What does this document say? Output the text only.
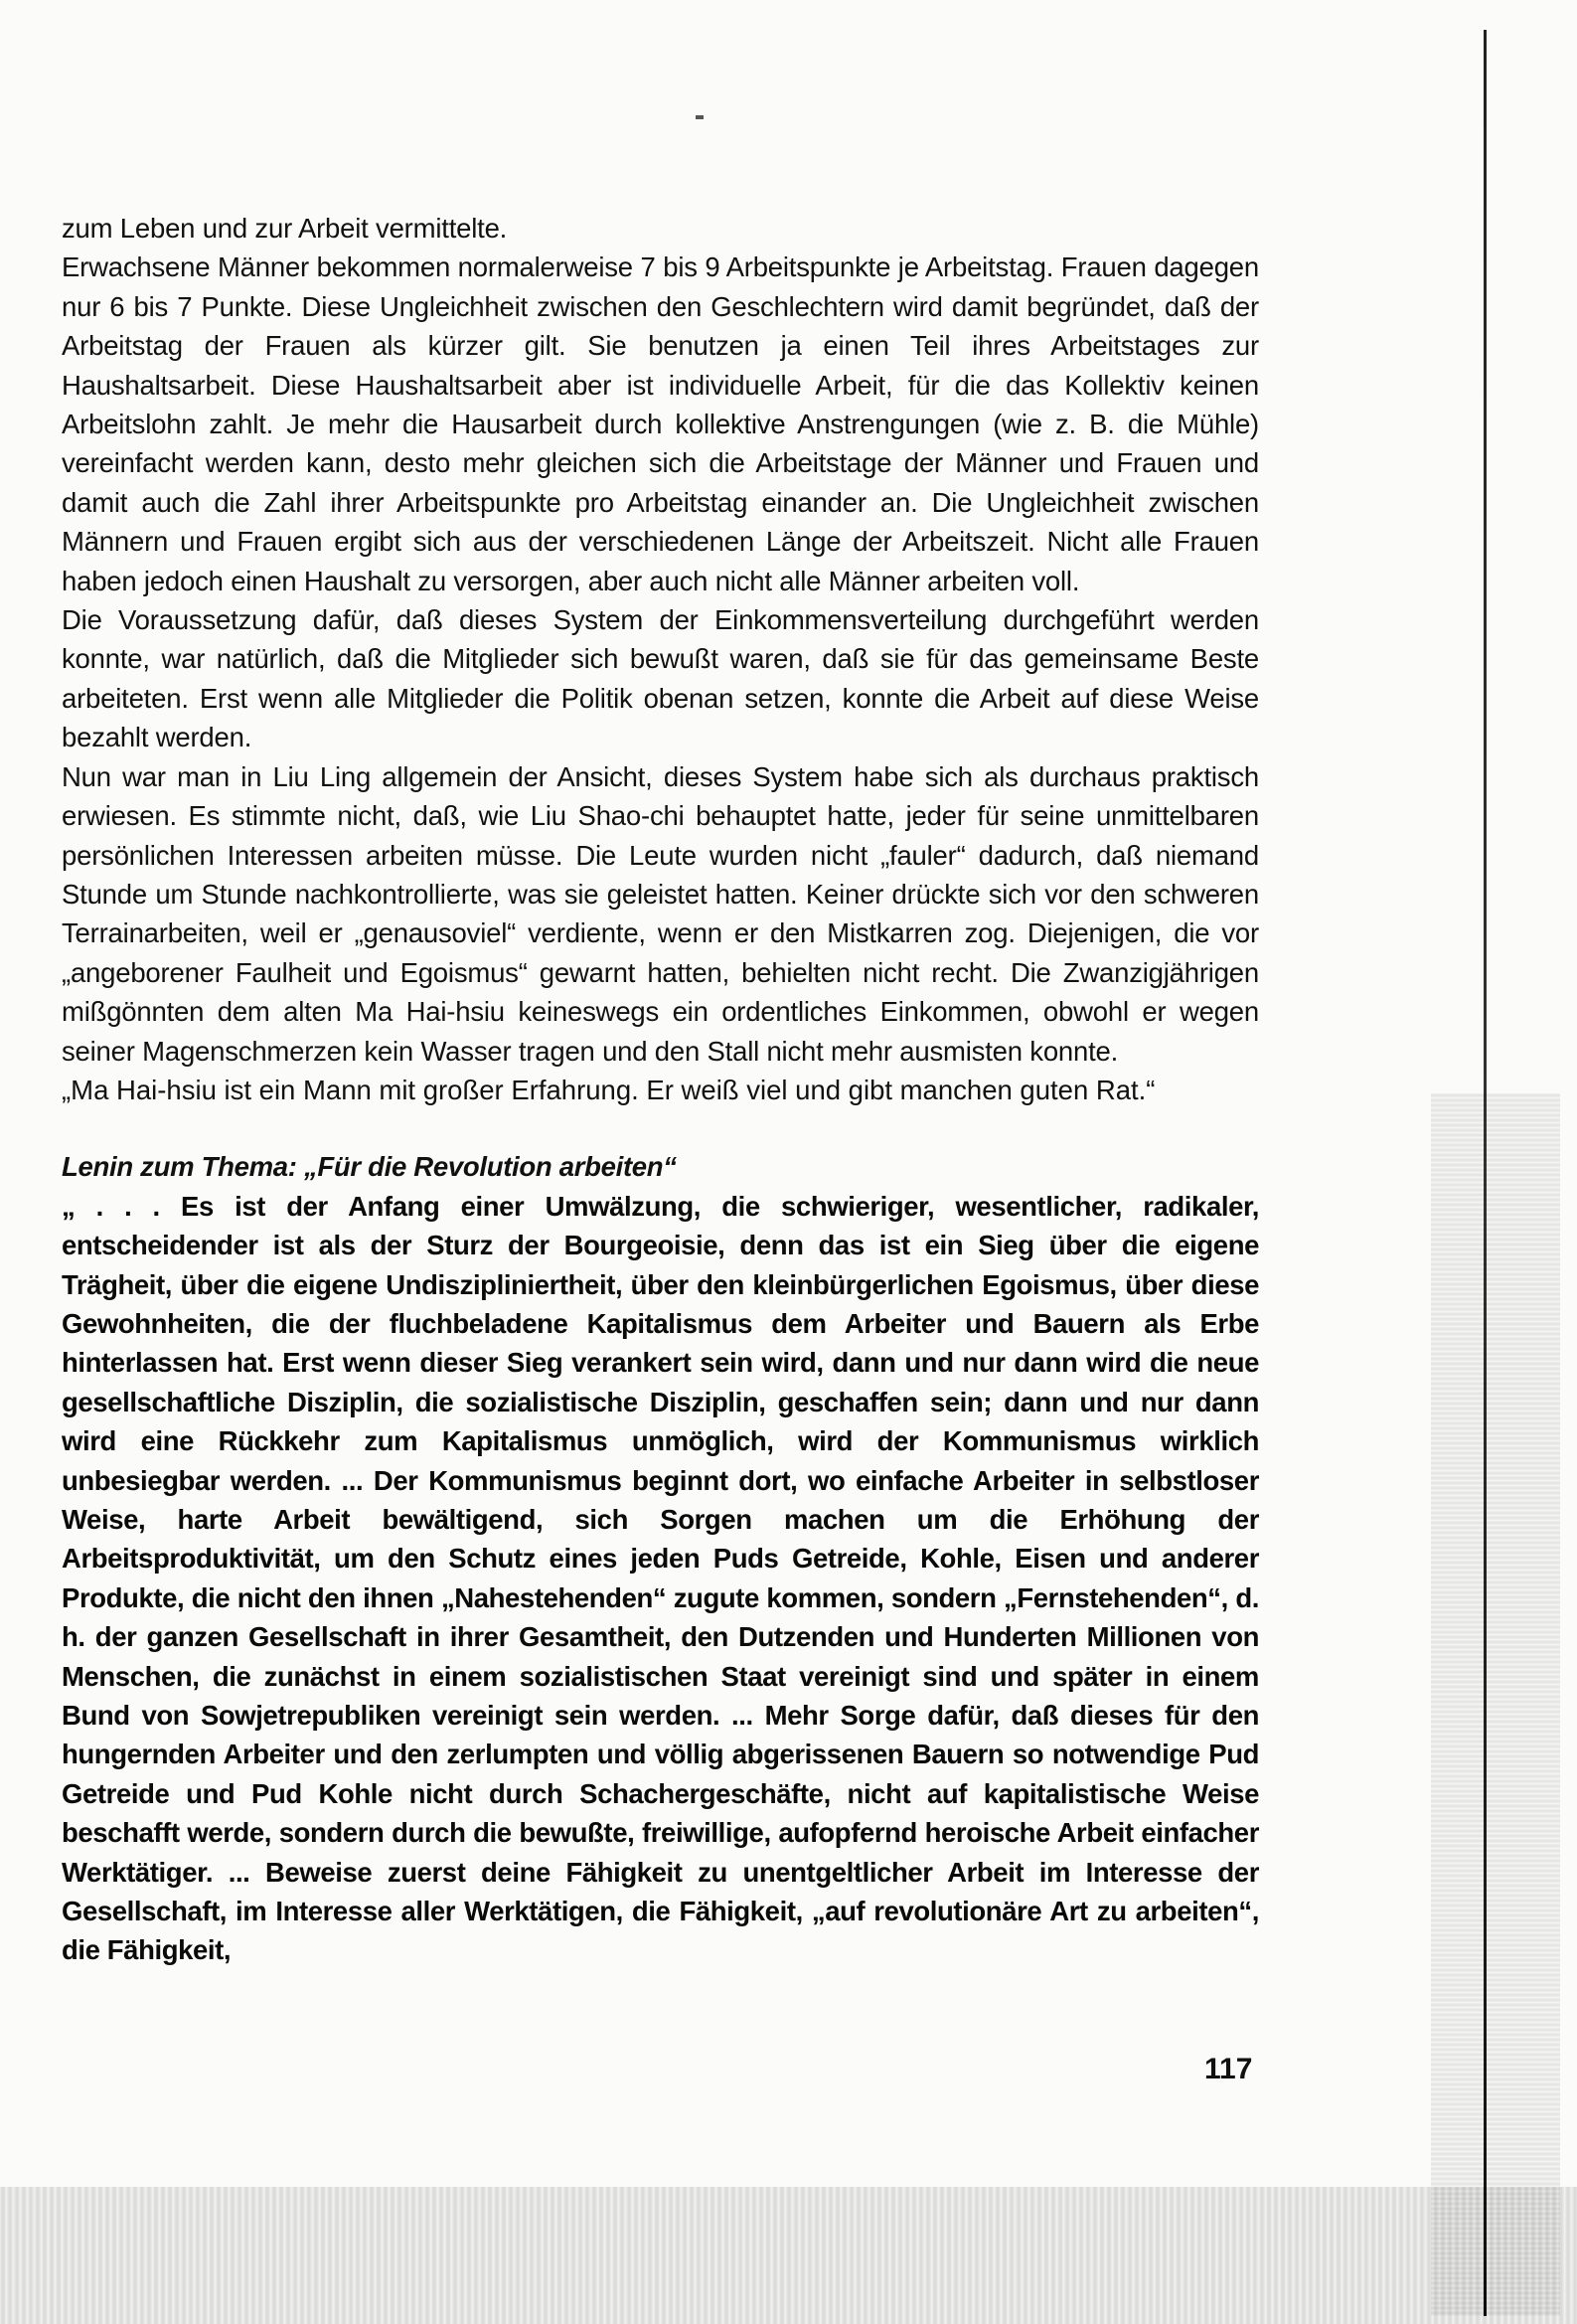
zum Leben und zur Arbeit vermittelte.

Erwachsene Männer bekommen normalerweise 7 bis 9 Arbeitspunkte je Arbeitstag. Frauen dagegen nur 6 bis 7 Punkte. Diese Ungleichheit zwischen den Geschlechtern wird damit begründet, daß der Arbeitstag der Frauen als kürzer gilt. Sie benutzen ja einen Teil ihres Arbeitstages zur Haushaltsarbeit. Diese Haushaltsarbeit aber ist individuelle Arbeit, für die das Kollektiv keinen Arbeitslohn zahlt. Je mehr die Hausarbeit durch kollektive Anstrengungen (wie z. B. die Mühle) vereinfacht werden kann, desto mehr gleichen sich die Arbeitstage der Männer und Frauen und damit auch die Zahl ihrer Arbeitspunkte pro Arbeitstag einander an. Die Ungleichheit zwischen Männern und Frauen ergibt sich aus der verschiedenen Länge der Arbeitszeit. Nicht alle Frauen haben jedoch einen Haushalt zu versorgen, aber auch nicht alle Männer arbeiten voll.

Die Voraussetzung dafür, daß dieses System der Einkommensverteilung durchgeführt werden konnte, war natürlich, daß die Mitglieder sich bewußt waren, daß sie für das gemeinsame Beste arbeiteten. Erst wenn alle Mitglieder die Politik obenan setzen, konnte die Arbeit auf diese Weise bezahlt werden.

Nun war man in Liu Ling allgemein der Ansicht, dieses System habe sich als durchaus praktisch erwiesen. Es stimmte nicht, daß, wie Liu Shao-chi behauptet hatte, jeder für seine unmittelbaren persönlichen Interessen arbeiten müsse. Die Leute wurden nicht „fauler“ dadurch, daß niemand Stunde um Stunde nachkontrollierte, was sie geleistet hatten. Keiner drückte sich vor den schweren Terrainarbeiten, weil er „genausoviel“ verdiente, wenn er den Mistkarren zog. Diejenigen, die vor „angeborener Faulheit und Egoismus“ gewarnt hatten, behielten nicht recht. Die Zwanzigjährigen mißgönnten dem alten Ma Hai-hsiu keineswegs ein ordentliches Einkommen, obwohl er wegen seiner Magenschmerzen kein Wasser tragen und den Stall nicht mehr ausmisten konnte.

„Ma Hai-hsiu ist ein Mann mit großer Erfahrung. Er weiß viel und gibt manchen guten Rat.“

Lenin zum Thema: „Für die Revolution arbeiten“

„ . . . Es ist der Anfang einer Umwälzung, die schwieriger, wesentlicher, radikaler, entscheidender ist als der Sturz der Bourgeoisie, denn das ist ein Sieg über die eigene Trägheit, über die eigene Undiszipliniertheit, über den kleinbürgerlichen Egoismus, über diese Gewohnheiten, die der fluchbeladene Kapitalismus dem Arbeiter und Bauern als Erbe hinterlassen hat. Erst wenn dieser Sieg verankert sein wird, dann und nur dann wird die neue gesellschaftliche Disziplin, die sozialistische Disziplin, geschaffen sein; dann und nur dann wird eine Rückkehr zum Kapitalismus unmöglich, wird der Kommunismus wirklich unbesiegbar werden. ... Der Kommunismus beginnt dort, wo einfache Arbeiter in selbstloser Weise, harte Arbeit bewältigend, sich Sorgen machen um die Erhöhung der Arbeitsproduktivität, um den Schutz eines jeden Puds Getreide, Kohle, Eisen und anderer Produkte, die nicht den ihnen „Nahestehenden“ zugute kommen, sondern „Fernstehenden“, d. h. der ganzen Gesellschaft in ihrer Gesamtheit, den Dutzenden und Hunderten Millionen von Menschen, die zunächst in einem sozialistischen Staat vereinigt sind und später in einem Bund von Sowjetrepubliken vereinigt sein werden. ... Mehr Sorge dafür, daß dieses für den hungernden Arbeiter und den zerlumpten und völlig abgerissenen Bauern so notwendige Pud Getreide und Pud Kohle nicht durch Schachergeschäfte, nicht auf kapitalistische Weise beschafft werde, sondern durch die bewußte, freiwillige, aufopfernd heroische Arbeit einfacher Werktätiger. ... Beweise zuerst deine Fähigkeit zu unentgeltlicher Arbeit im Interesse der Gesellschaft, im Interesse aller Werktätigen, die Fähigkeit, „auf revolutionäre Art zu arbeiten“, die Fähigkeit,

117
